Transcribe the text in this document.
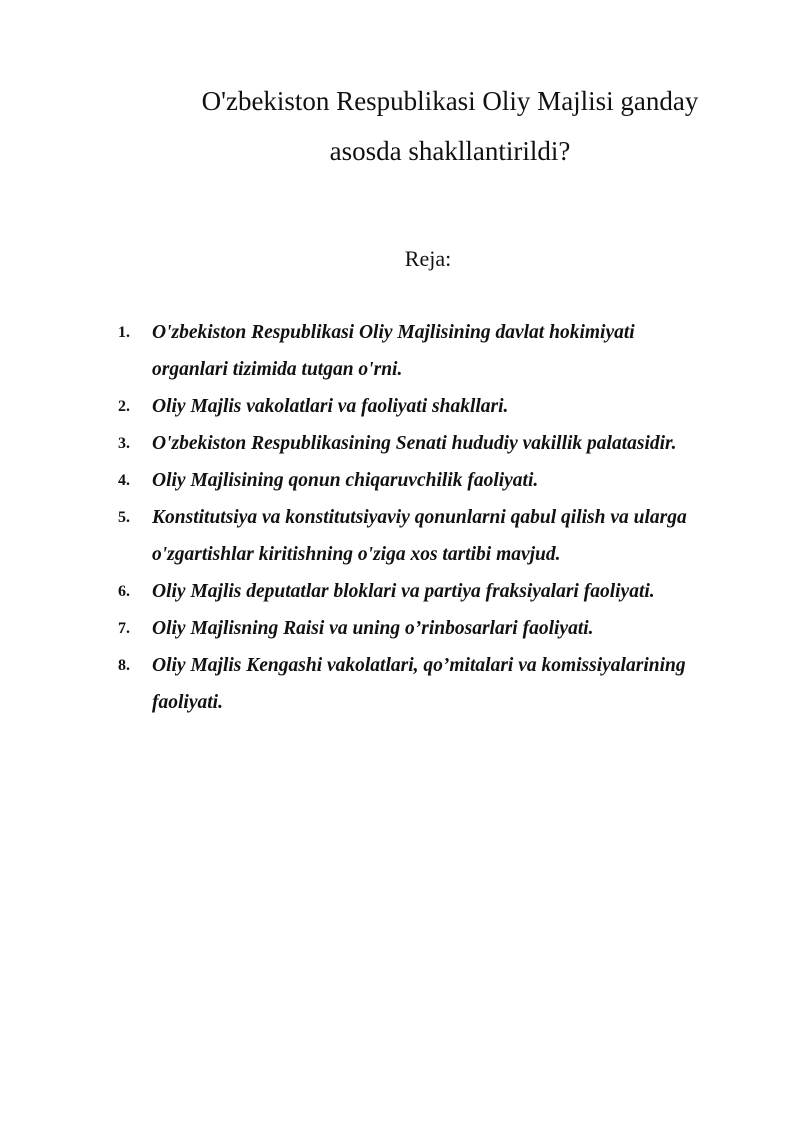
O'zbekiston Respublikasi Oliy Majlisi ganday
asosda shakllantirildi?

Reja:

1.	O'zbekiston Respublikasi Oliy Majlisining davlat hokimiyati
organlari tizimida tutgan o'rni.
2.	Oliy Majlis vakolatlari va faoliyati shakllari.
3.	O'zbekiston Respublikasining Senati hududiy vakillik palatasidir.
4.	Oliy Majlisining qonun chiqaruvchilik faoliyati.
5.	Konstitutsiya va konstitutsiyaviy qonunlarni qabul qilish va ularga
o'zgartishlar kiritishning o'ziga xos tartibi mavjud.
6.	Oliy Majlis deputatlar bloklari va partiya fraksiyalari faoliyati.
7.	Oliy Majlisning Raisi va uning o’rinbosarlari faoliyati.
8.	Oliy Majlis Kengashi vakolatlari, qo’mitalari va komissiyalarining
faoliyati.
